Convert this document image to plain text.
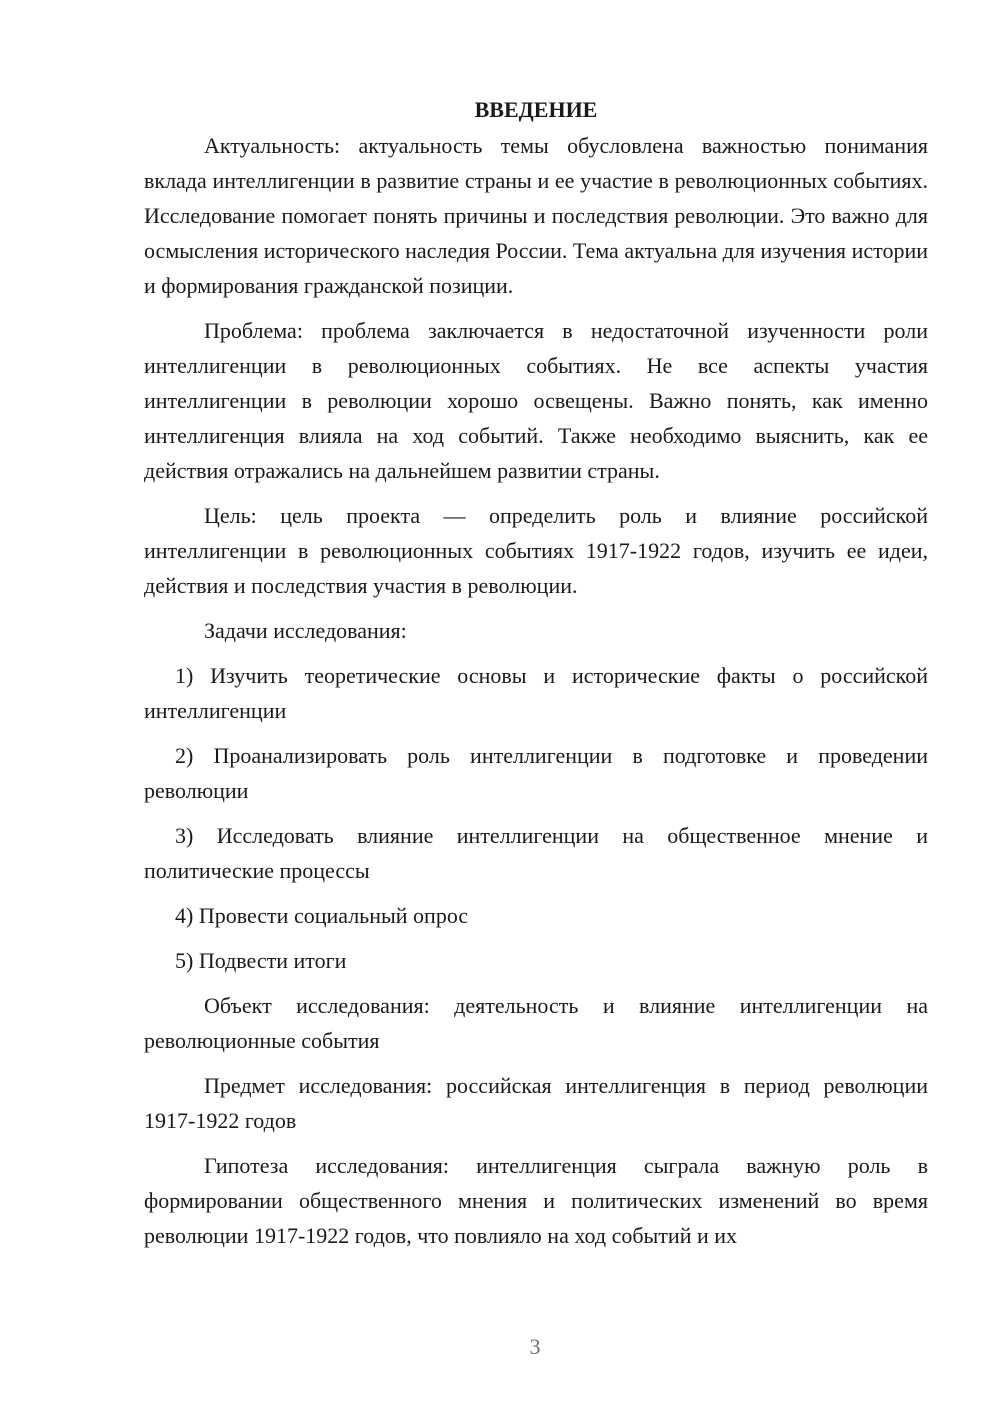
ВВЕДЕНИЕ

Актуальность: актуальность темы обусловлена важностью понимания вклада интеллигенции в развитие страны и ее участие в революционных событиях. Исследование помогает понять причины и последствия революции. Это важно для осмысления исторического наследия России. Тема актуальна для изучения истории и формирования гражданской позиции.

Проблема: проблема заключается в недостаточной изученности роли интеллигенции в революционных событиях. Не все аспекты участия интеллигенции в революции хорошо освещены. Важно понять, как именно интеллигенция влияла на ход событий. Также необходимо выяснить, как ее действия отражались на дальнейшем развитии страны.

Цель: цель проекта — определить роль и влияние российской интеллигенции в революционных событиях 1917-1922 годов, изучить ее идеи, действия и последствия участия в революции.

Задачи исследования:

1) Изучить теоретические основы и исторические факты о российской интеллигенции

2) Проанализировать роль интеллигенции в подготовке и проведении революции

3) Исследовать влияние интеллигенции на общественное мнение и политические процессы

4) Провести социальный опрос

5) Подвести итоги

Объект исследования: деятельность и влияние интеллигенции на революционные события

Предмет исследования: российская интеллигенция в период революции 1917-1922 годов

Гипотеза исследования: интеллигенция сыграла важную роль в формировании общественного мнения и политических изменений во время революции 1917-1922 годов, что повлияло на ход событий и их

3
